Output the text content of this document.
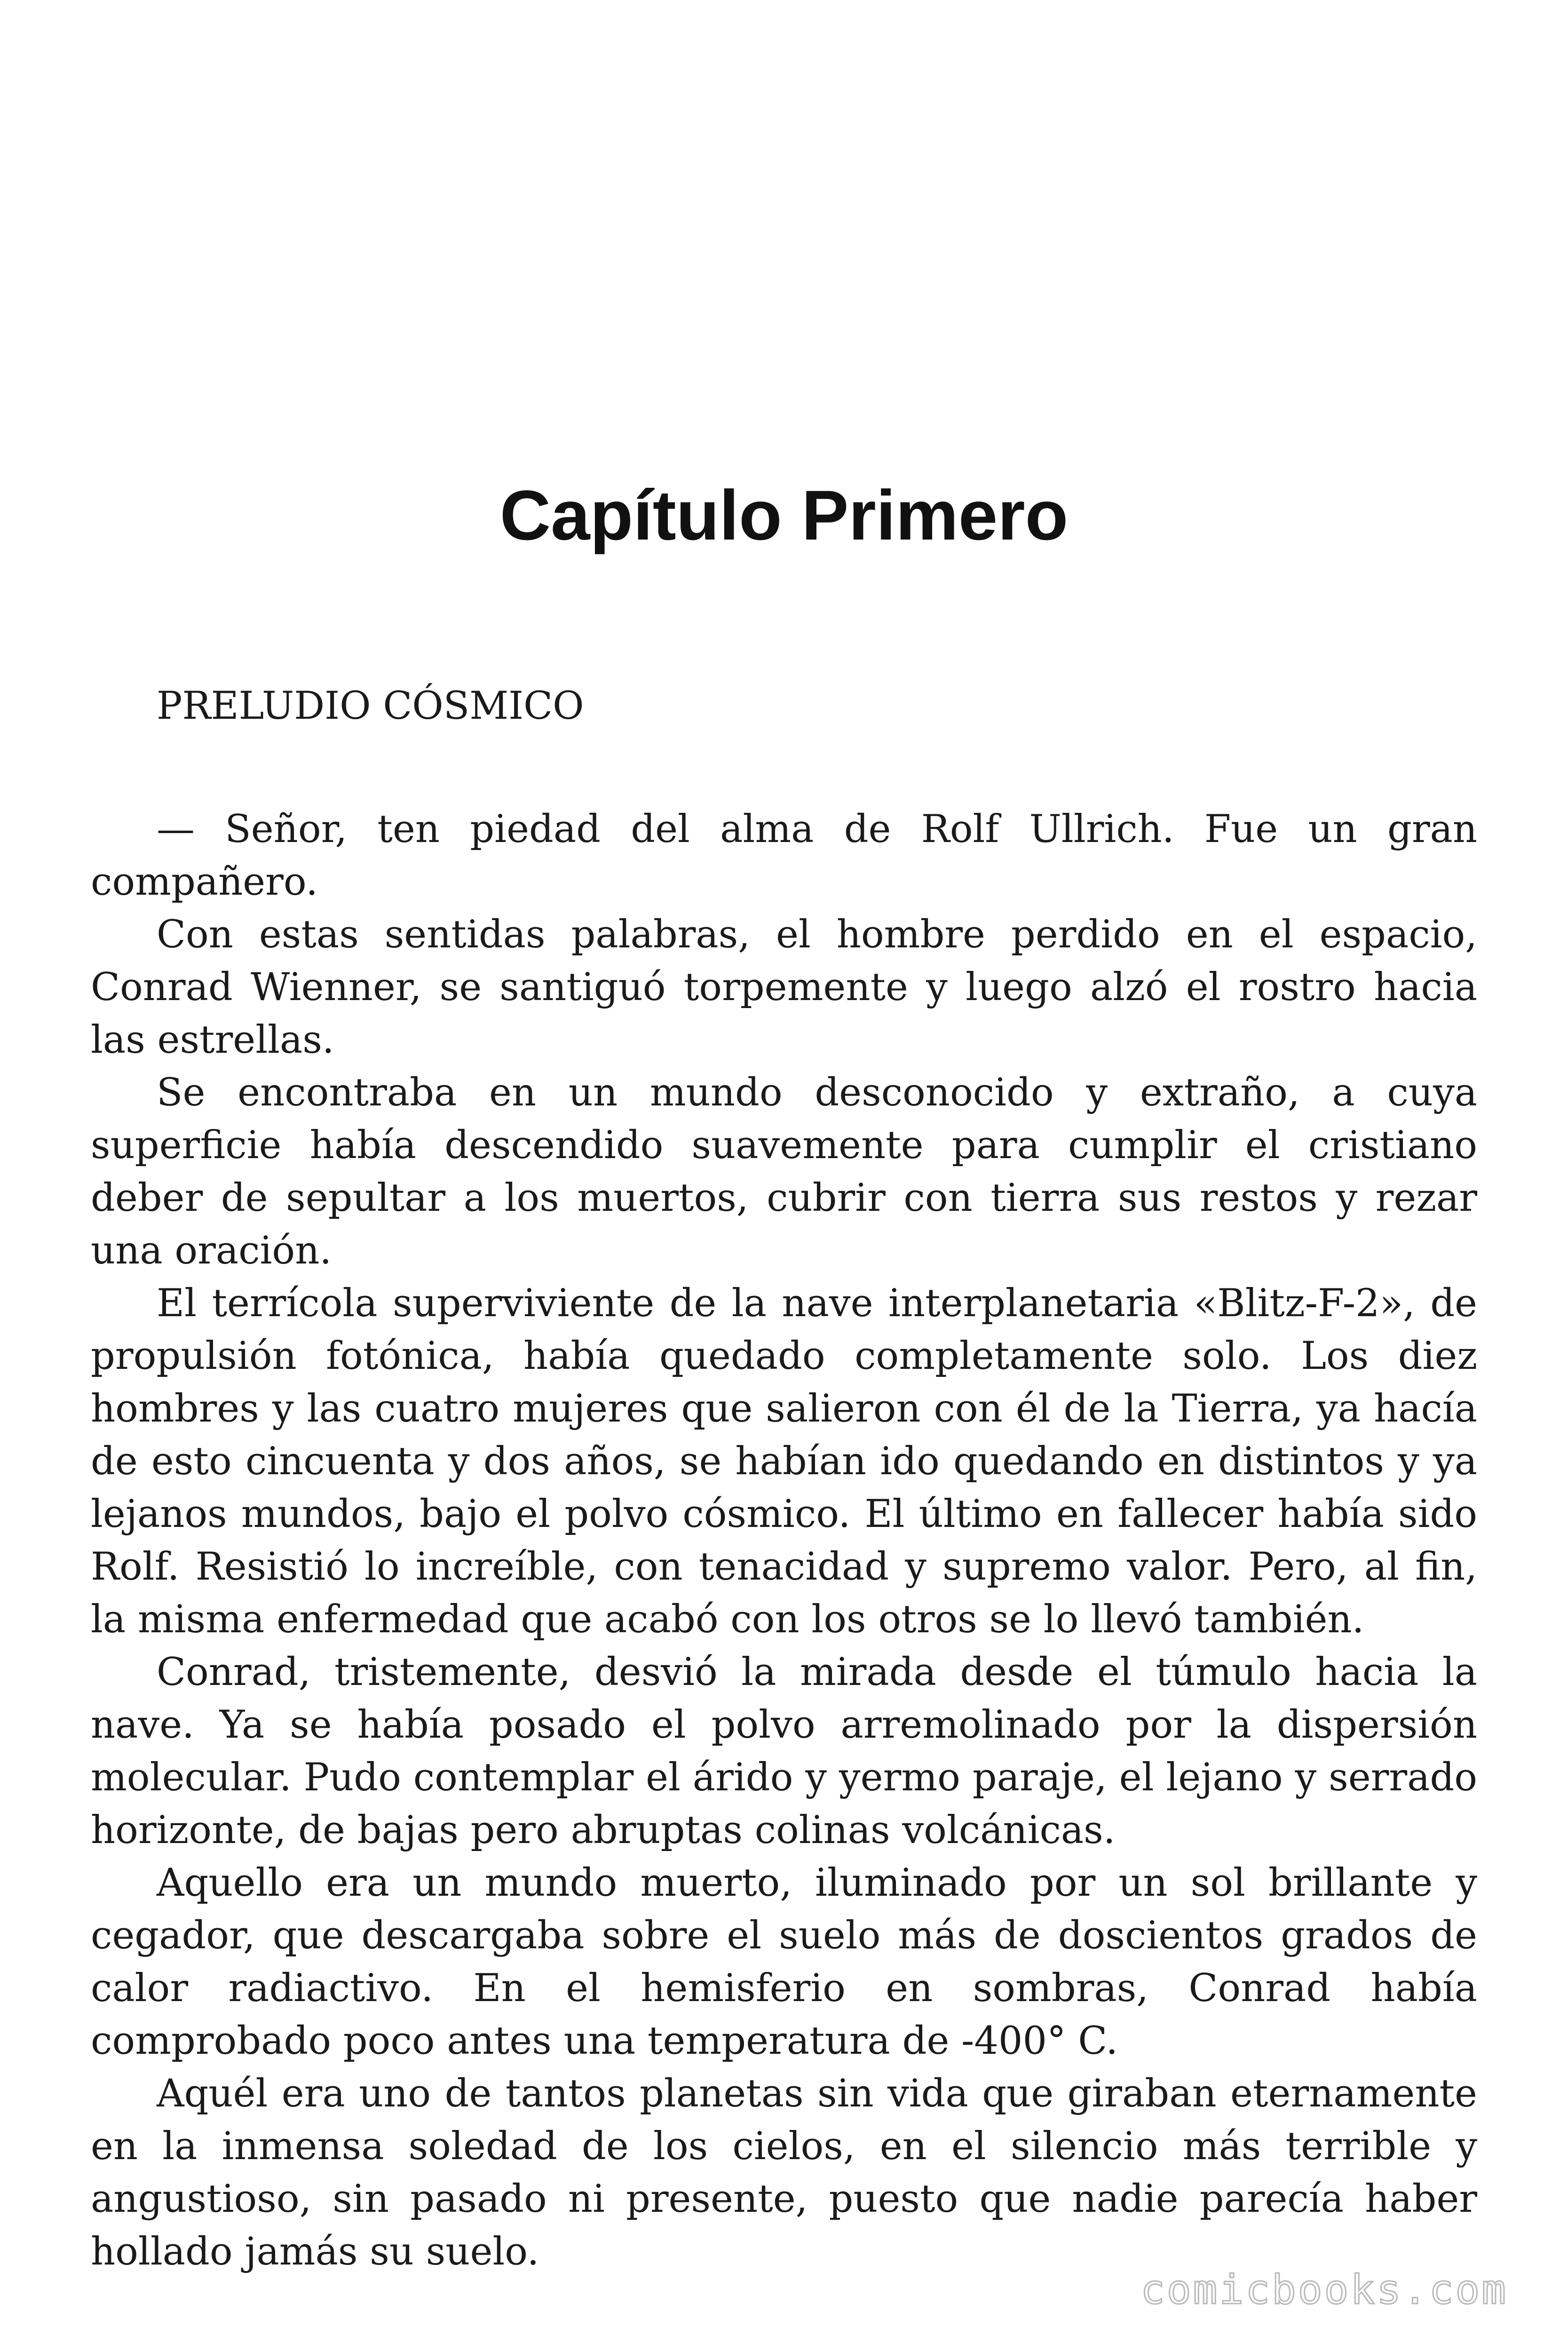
Capítulo Primero

PRELUDIO CÓSMICO

— Señor, ten piedad del alma de Rolf Ullrich. Fue un gran compañero.

Con estas sentidas palabras, el hombre perdido en el espacio, Conrad Wienner, se santiguó torpemente y luego alzó el rostro hacia las estrellas.

Se encontraba en un mundo desconocido y extraño, a cuya superficie había descendido suavemente para cumplir el cristiano deber de sepultar a los muertos, cubrir con tierra sus restos y rezar una oración.

El terrícola superviviente de la nave interplanetaria «Blitz-F-2», de propulsión fotónica, había quedado completamente solo. Los diez hombres y las cuatro mujeres que salieron con él de la Tierra, ya hacía de esto cincuenta y dos años, se habían ido quedando en distintos y ya lejanos mundos, bajo el polvo cósmico. El último en fallecer había sido Rolf. Resistió lo increíble, con tenacidad y supremo valor. Pero, al fin, la misma enfermedad que acabó con los otros se lo llevó también.

Conrad, tristemente, desvió la mirada desde el túmulo hacia la nave. Ya se había posado el polvo arremolinado por la dispersión molecular. Pudo contemplar el árido y yermo paraje, el lejano y serrado horizonte, de bajas pero abruptas colinas volcánicas.

Aquello era un mundo muerto, iluminado por un sol brillante y cegador, que descargaba sobre el suelo más de doscientos grados de calor radiactivo. En el hemisferio en sombras, Conrad había comprobado poco antes una temperatura de -400° C.

Aquél era uno de tantos planetas sin vida que giraban eternamente en la inmensa soledad de los cielos, en el silencio más terrible y angustioso, sin pasado ni presente, puesto que nadie parecía haber hollado jamás su suelo.

comicbooks.com
